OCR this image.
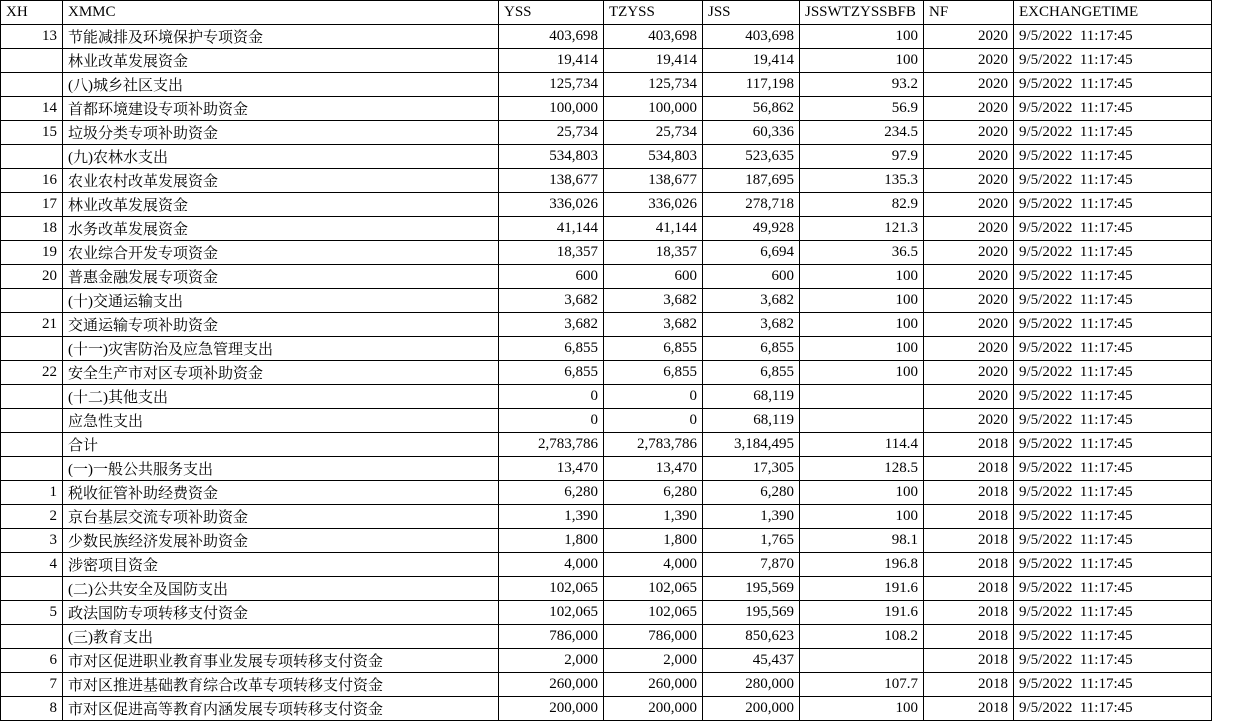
XH	XMMC	YSS	TZYSS	JSS	JSSWTZYSSBFB	NF	EXCHANGETIME
13	节能减排及环境保护专项资金	403,698	403,698	403,698	100	2020	9/5/2022  11:17:45
	林业改革发展资金	19,414	19,414	19,414	100	2020	9/5/2022  11:17:45
	(八)城乡社区支出	125,734	125,734	117,198	93.2	2020	9/5/2022  11:17:45
14	首都环境建设专项补助资金	100,000	100,000	56,862	56.9	2020	9/5/2022  11:17:45
15	垃圾分类专项补助资金	25,734	25,734	60,336	234.5	2020	9/5/2022  11:17:45
	(九)农林水支出	534,803	534,803	523,635	97.9	2020	9/5/2022  11:17:45
16	农业农村改革发展资金	138,677	138,677	187,695	135.3	2020	9/5/2022  11:17:45
17	林业改革发展资金	336,026	336,026	278,718	82.9	2020	9/5/2022  11:17:45
18	水务改革发展资金	41,144	41,144	49,928	121.3	2020	9/5/2022  11:17:45
19	农业综合开发专项资金	18,357	18,357	6,694	36.5	2020	9/5/2022  11:17:45
20	普惠金融发展专项资金	600	600	600	100	2020	9/5/2022  11:17:45
	(十)交通运输支出	3,682	3,682	3,682	100	2020	9/5/2022  11:17:45
21	交通运输专项补助资金	3,682	3,682	3,682	100	2020	9/5/2022  11:17:45
	(十一)灾害防治及应急管理支出	6,855	6,855	6,855	100	2020	9/5/2022  11:17:45
22	安全生产市对区专项补助资金	6,855	6,855	6,855	100	2020	9/5/2022  11:17:45
	(十二)其他支出	0	0	68,119		2020	9/5/2022  11:17:45
	应急性支出	0	0	68,119		2020	9/5/2022  11:17:45
	合计	2,783,786	2,783,786	3,184,495	114.4	2018	9/5/2022  11:17:45
	(一)一般公共服务支出	13,470	13,470	17,305	128.5	2018	9/5/2022  11:17:45
1	税收征管补助经费资金	6,280	6,280	6,280	100	2018	9/5/2022  11:17:45
2	京台基层交流专项补助资金	1,390	1,390	1,390	100	2018	9/5/2022  11:17:45
3	少数民族经济发展补助资金	1,800	1,800	1,765	98.1	2018	9/5/2022  11:17:45
4	涉密项目资金	4,000	4,000	7,870	196.8	2018	9/5/2022  11:17:45
	(二)公共安全及国防支出	102,065	102,065	195,569	191.6	2018	9/5/2022  11:17:45
5	政法国防专项转移支付资金	102,065	102,065	195,569	191.6	2018	9/5/2022  11:17:45
	(三)教育支出	786,000	786,000	850,623	108.2	2018	9/5/2022  11:17:45
6	市对区促进职业教育事业发展专项转移支付资金	2,000	2,000	45,437		2018	9/5/2022  11:17:45
7	市对区推进基础教育综合改革专项转移支付资金	260,000	260,000	280,000	107.7	2018	9/5/2022  11:17:45
8	市对区促进高等教育内涵发展专项转移支付资金	200,000	200,000	200,000	100	2018	9/5/2022  11:17:45
